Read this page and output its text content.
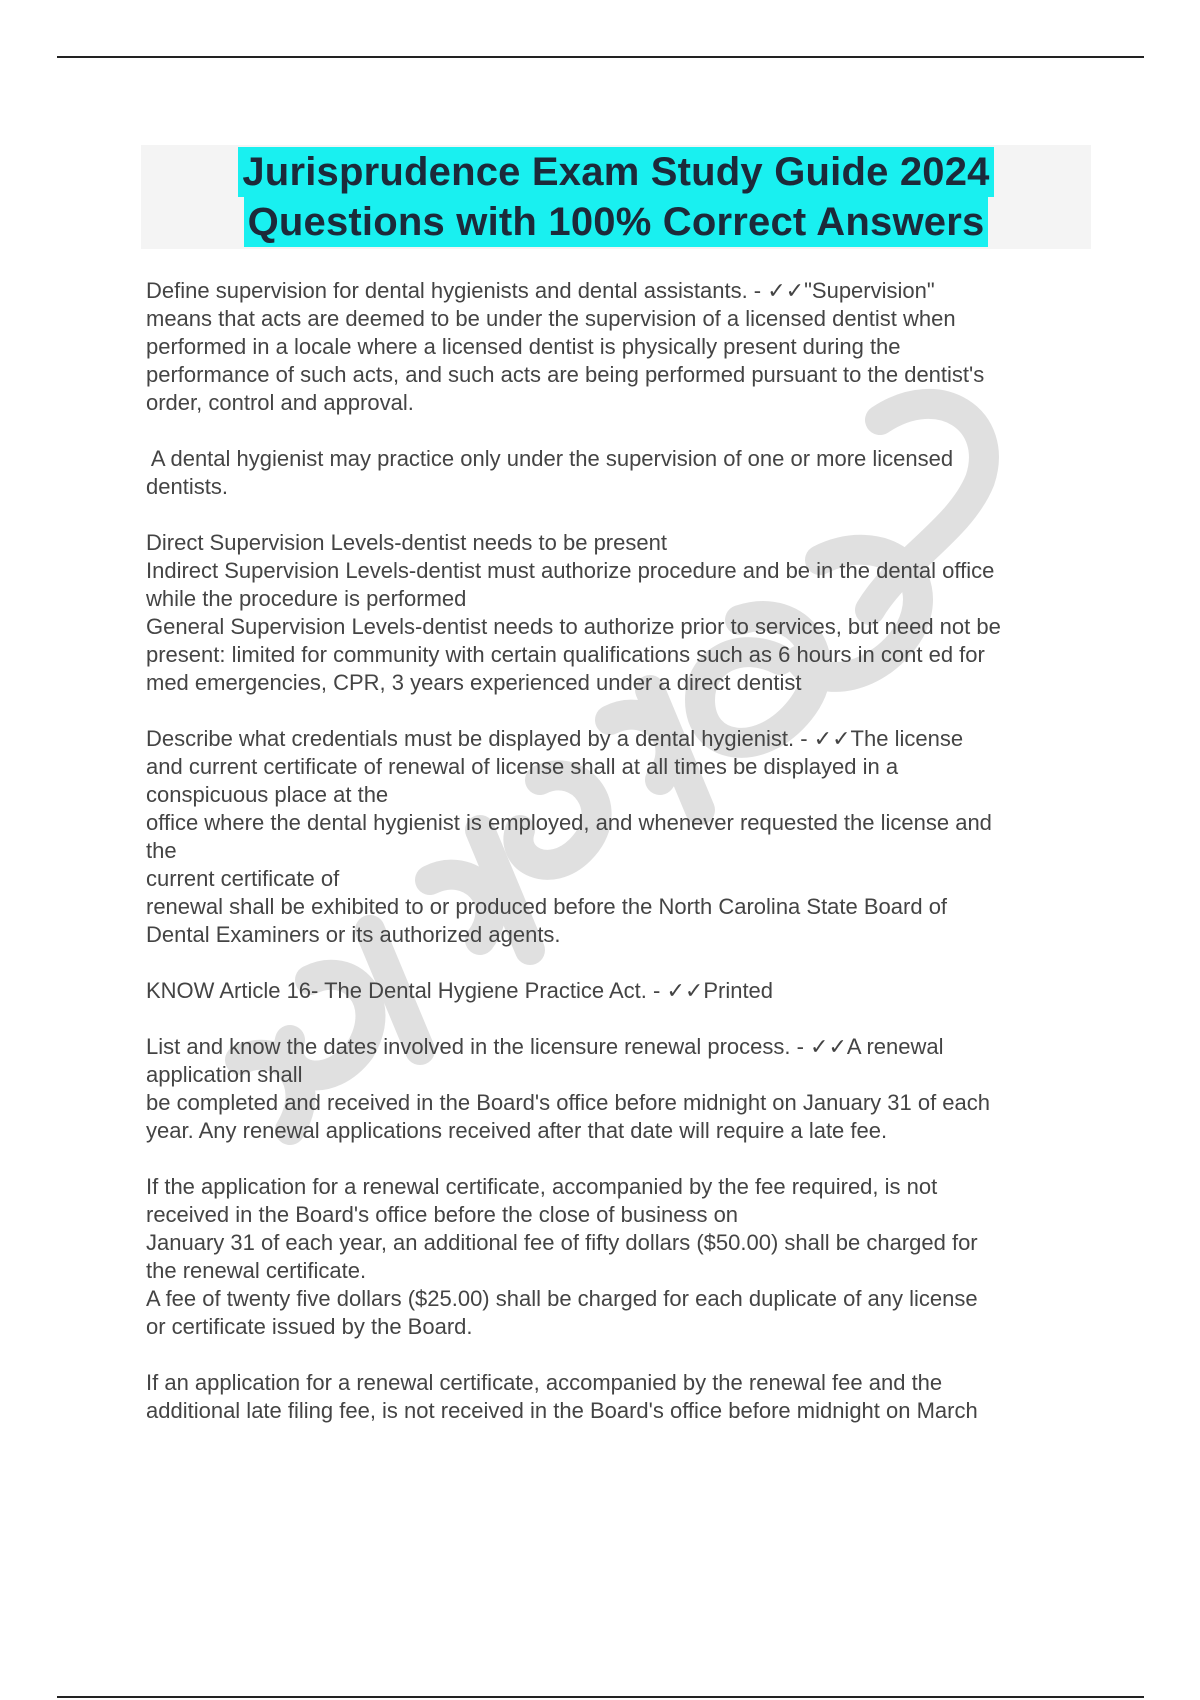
Jurisprudence Exam Study Guide 2024
Questions with 100% Correct Answers
Define supervision for dental hygienists and dental assistants. - ✓✓"Supervision"
means that acts are deemed to be under the supervision of a licensed dentist when
performed in a locale where a licensed dentist is physically present during the
performance of such acts, and such acts are being performed pursuant to the dentist's
order, control and approval.
A dental hygienist may practice only under the supervision of one or more licensed
dentists.
Direct Supervision Levels-dentist needs to be present
Indirect Supervision Levels-dentist must authorize procedure and be in the dental office
while the procedure is performed
General Supervision Levels-dentist needs to authorize prior to services, but need not be
present: limited for community with certain qualifications such as 6 hours in cont ed for
med emergencies, CPR, 3 years experienced under a direct dentist
Describe what credentials must be displayed by a dental hygienist. - ✓✓The license
and current certificate of renewal of license shall at all times be displayed in a
conspicuous place at the
office where the dental hygienist is employed, and whenever requested the license and
the
current certificate of
renewal shall be exhibited to or produced before the North Carolina State Board of
Dental Examiners or its authorized agents.
KNOW Article 16- The Dental Hygiene Practice Act. - ✓✓Printed
List and know the dates involved in the licensure renewal process. - ✓✓A renewal
application shall
be completed and received in the Board's office before midnight on January 31 of each
year. Any renewal applications received after that date will require a late fee.
If the application for a renewal certificate, accompanied by the fee required, is not
received in the Board's office before the close of business on
January 31 of each year, an additional fee of fifty dollars ($50.00) shall be charged for
the renewal certificate.
A fee of twenty five dollars ($25.00) shall be charged for each duplicate of any license
or certificate issued by the Board.
If an application for a renewal certificate, accompanied by the renewal fee and the
additional late filing fee, is not received in the Board's office before midnight on March
